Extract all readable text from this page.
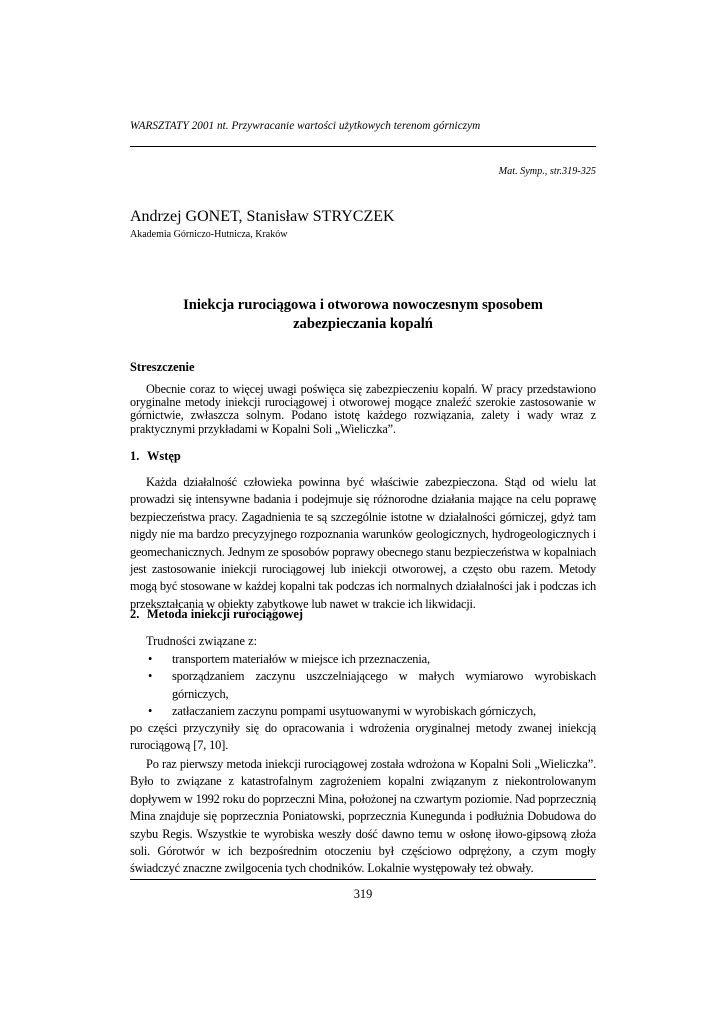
WARSZTATY 2001 nt. Przywracanie wartości użytkowych terenom górniczym
Mat. Symp., str.319-325
Andrzej GONET, Stanisław STRYCZEK
Akademia Górniczo-Hutnicza, Kraków
Iniekcja rurociągowa i otworowa nowoczesnym sposobem
zabezpieczania kopalń
Streszczenie
Obecnie coraz to więcej uwagi poświęca się zabezpieczeniu kopalń. W pracy przedstawiono oryginalne metody iniekcji rurociągowej i otworowej mogące znaleźć szerokie zastosowanie w górnictwie, zwłaszcza solnym. Podano istotę każdego rozwiązania, zalety i wady wraz z praktycznymi przykładami w Kopalni Soli „Wieliczka”.
1. Wstęp
Każda działalność człowieka powinna być właściwie zabezpieczona. Stąd od wielu lat prowadzi się intensywne badania i podejmuje się różnorodne działania mające na celu poprawę bezpieczeństwa pracy. Zagadnienia te są szczególnie istotne w działalności górniczej, gdyż tam nigdy nie ma bardzo precyzyjnego rozpoznania warunków geologicznych, hydrogeologicznych i geomechanicznych. Jednym ze sposobów poprawy obecnego stanu bezpieczeństwa w kopalniach jest zastosowanie iniekcji rurociągowej lub iniekcji otworowej, a często obu razem. Metody mogą być stosowane w każdej kopalni tak podczas ich normalnych działalności jak i podczas ich przekształcania w obiekty zabytkowe lub nawet w trakcie ich likwidacji.
2. Metoda iniekcji rurociągowej
Trudności związane z:
• transportem materiałów w miejsce ich przeznaczenia,
• sporządzaniem zaczynu uszczelniającego w małych wymiarowo wyrobiskach górniczych,
• zatłaczaniem zaczynu pompami usytuowanymi w wyrobiskach górniczych,
po części przyczyniły się do opracowania i wdrożenia oryginalnej metody zwanej iniekcją rurociągową [7, 10].
Po raz pierwszy metoda iniekcji rurociągowej została wdrożona w Kopalni Soli „Wieliczka”. Było to związane z katastrofalnym zagrożeniem kopalni związanym z niekontrolowanym dopływem w 1992 roku do poprzeczni Mina, położonej na czwartym poziomie. Nad poprzecznią Mina znajduje się poprzecznia Poniatowski, poprzecznia Kunegunda i podłużnia Dobudowa do szybu Regis. Wszystkie te wyrobiska weszły dość dawno temu w osłonę iłowo-gipsową złoża soli. Górotwór w ich bezpośrednim otoczeniu był częściowo odprężony, a czym mogły świadczyć znaczne zwilgocenia tych chodników. Lokalnie występowały też obwały.
319
